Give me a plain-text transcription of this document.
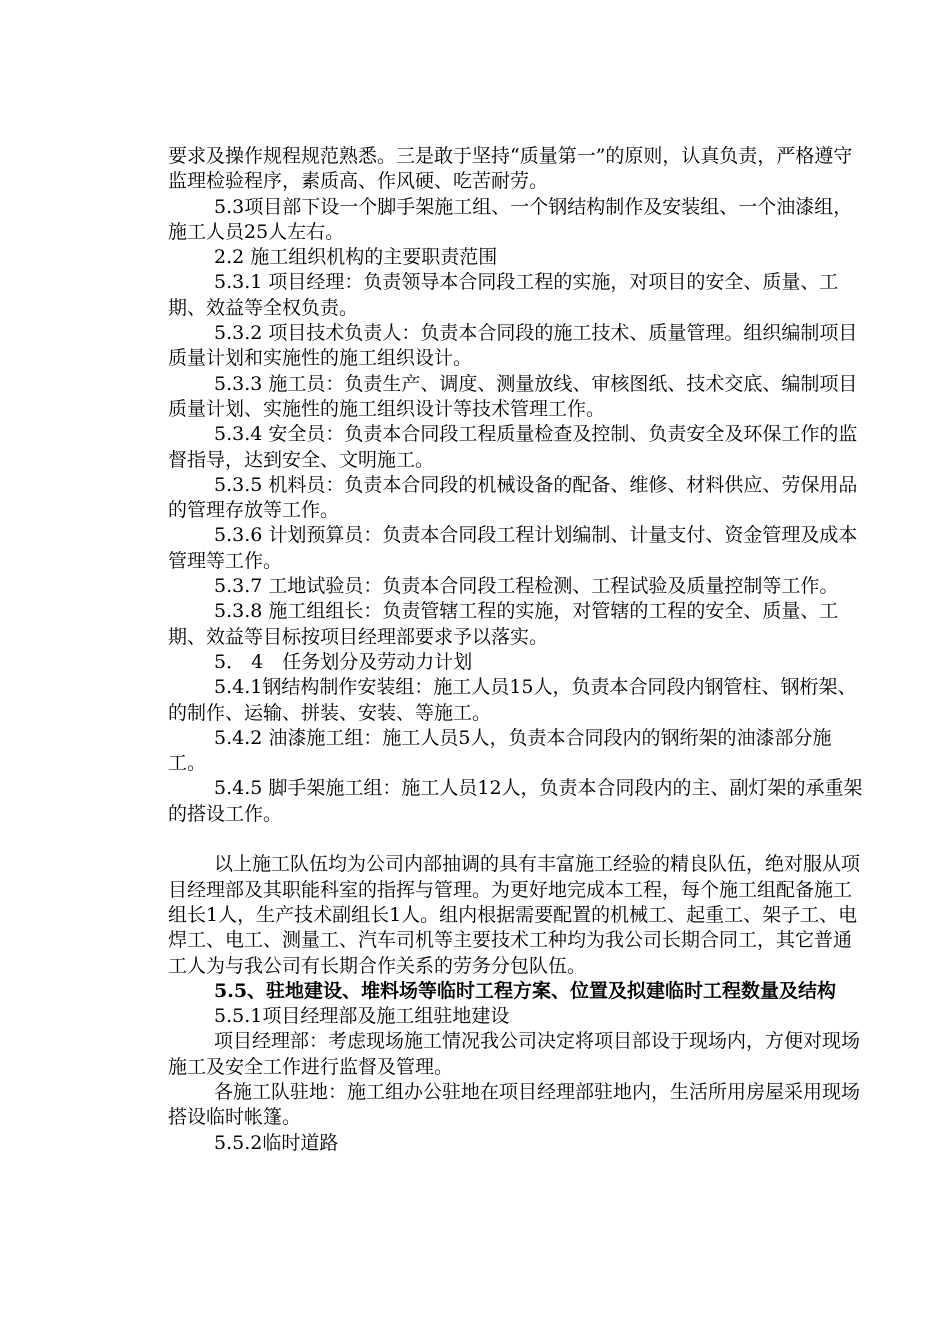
要求及操作规程规范熟悉。三是敢于坚持“质量第一”的原则，认真负责，严格遵守监理检验程序，素质高、作风硬、吃苦耐劳。

5.3项目部下设一个脚手架施工组、一个钢结构制作及安装组、一个油漆组，施工人员25人左右。

2.2 施工组织机构的主要职责范围

5.3.1 项目经理：负责领导本合同段工程的实施，对项目的安全、质量、工期、效益等全权负责。

5.3.2 项目技术负责人：负责本合同段的施工技术、质量管理。组织编制项目质量计划和实施性的施工组织设计。

5.3.3 施工员：负责生产、调度、测量放线、审核图纸、技术交底、编制项目质量计划、实施性的施工组织设计等技术管理工作。

5.3.4 安全员：负责本合同段工程质量检查及控制、负责安全及环保工作的监督指导，达到安全、文明施工。

5.3.5 机料员：负责本合同段的机械设备的配备、维修、材料供应、劳保用品的管理存放等工作。

5.3.6 计划预算员：负责本合同段工程计划编制、计量支付、资金管理及成本管理等工作。

5.3.7 工地试验员：负责本合同段工程检测、工程试验及质量控制等工作。

5.3.8 施工组组长：负责管辖工程的实施，对管辖的工程的安全、质量、工期、效益等目标按项目经理部要求予以落实。

5． 4　任务划分及劳动力计划

5.4.1钢结构制作安装组：施工人员15人，负责本合同段内钢管柱、钢桁架、的制作、运输、拼装、安装、等施工。

5.4.2 油漆施工组：施工人员5人，负责本合同段内的钢绗架的油漆部分施工。

5.4.5 脚手架施工组：施工人员12人，负责本合同段内的主、副灯架的承重架的搭设工作。

以上施工队伍均为公司内部抽调的具有丰富施工经验的精良队伍，绝对服从项目经理部及其职能科室的指挥与管理。为更好地完成本工程，每个施工组配备施工组长1人，生产技术副组长1人。组内根据需要配置的机械工、起重工、架子工、电焊工、电工、测量工、汽车司机等主要技术工种均为我公司长期合同工，其它普通工人为与我公司有长期合作关系的劳务分包队伍。

5.5、驻地建设、堆料场等临时工程方案、位置及拟建临时工程数量及结构

5.5.1项目经理部及施工组驻地建设

项目经理部：考虑现场施工情况我公司决定将项目部设于现场内，方便对现场施工及安全工作进行监督及管理。

各施工队驻地：施工组办公驻地在项目经理部驻地内，生活所用房屋采用现场搭设临时帐篷。

5.5.2临时道路
